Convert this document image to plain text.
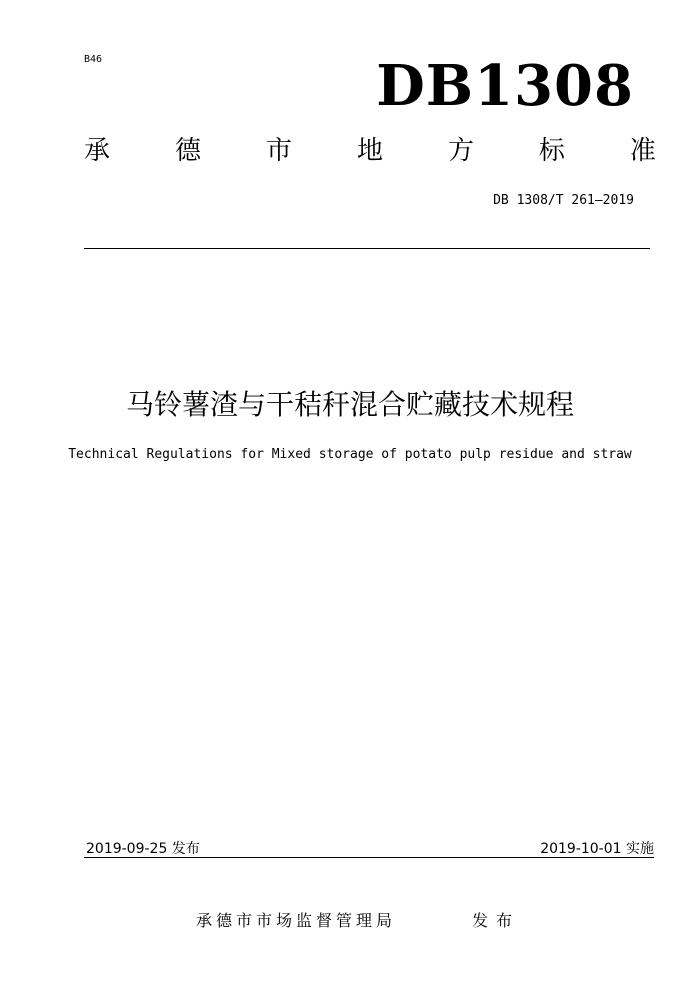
B46	DB1308
承 德 市 地 方 标 准
DB 1308/T 261—2019
马铃薯渣与干秸秆混合贮藏技术规程
Technical Regulations for Mixed storage of potato pulp residue and straw
2019-09-25 发布	2019-10-01 实施
承德市市场监督管理局	发布
